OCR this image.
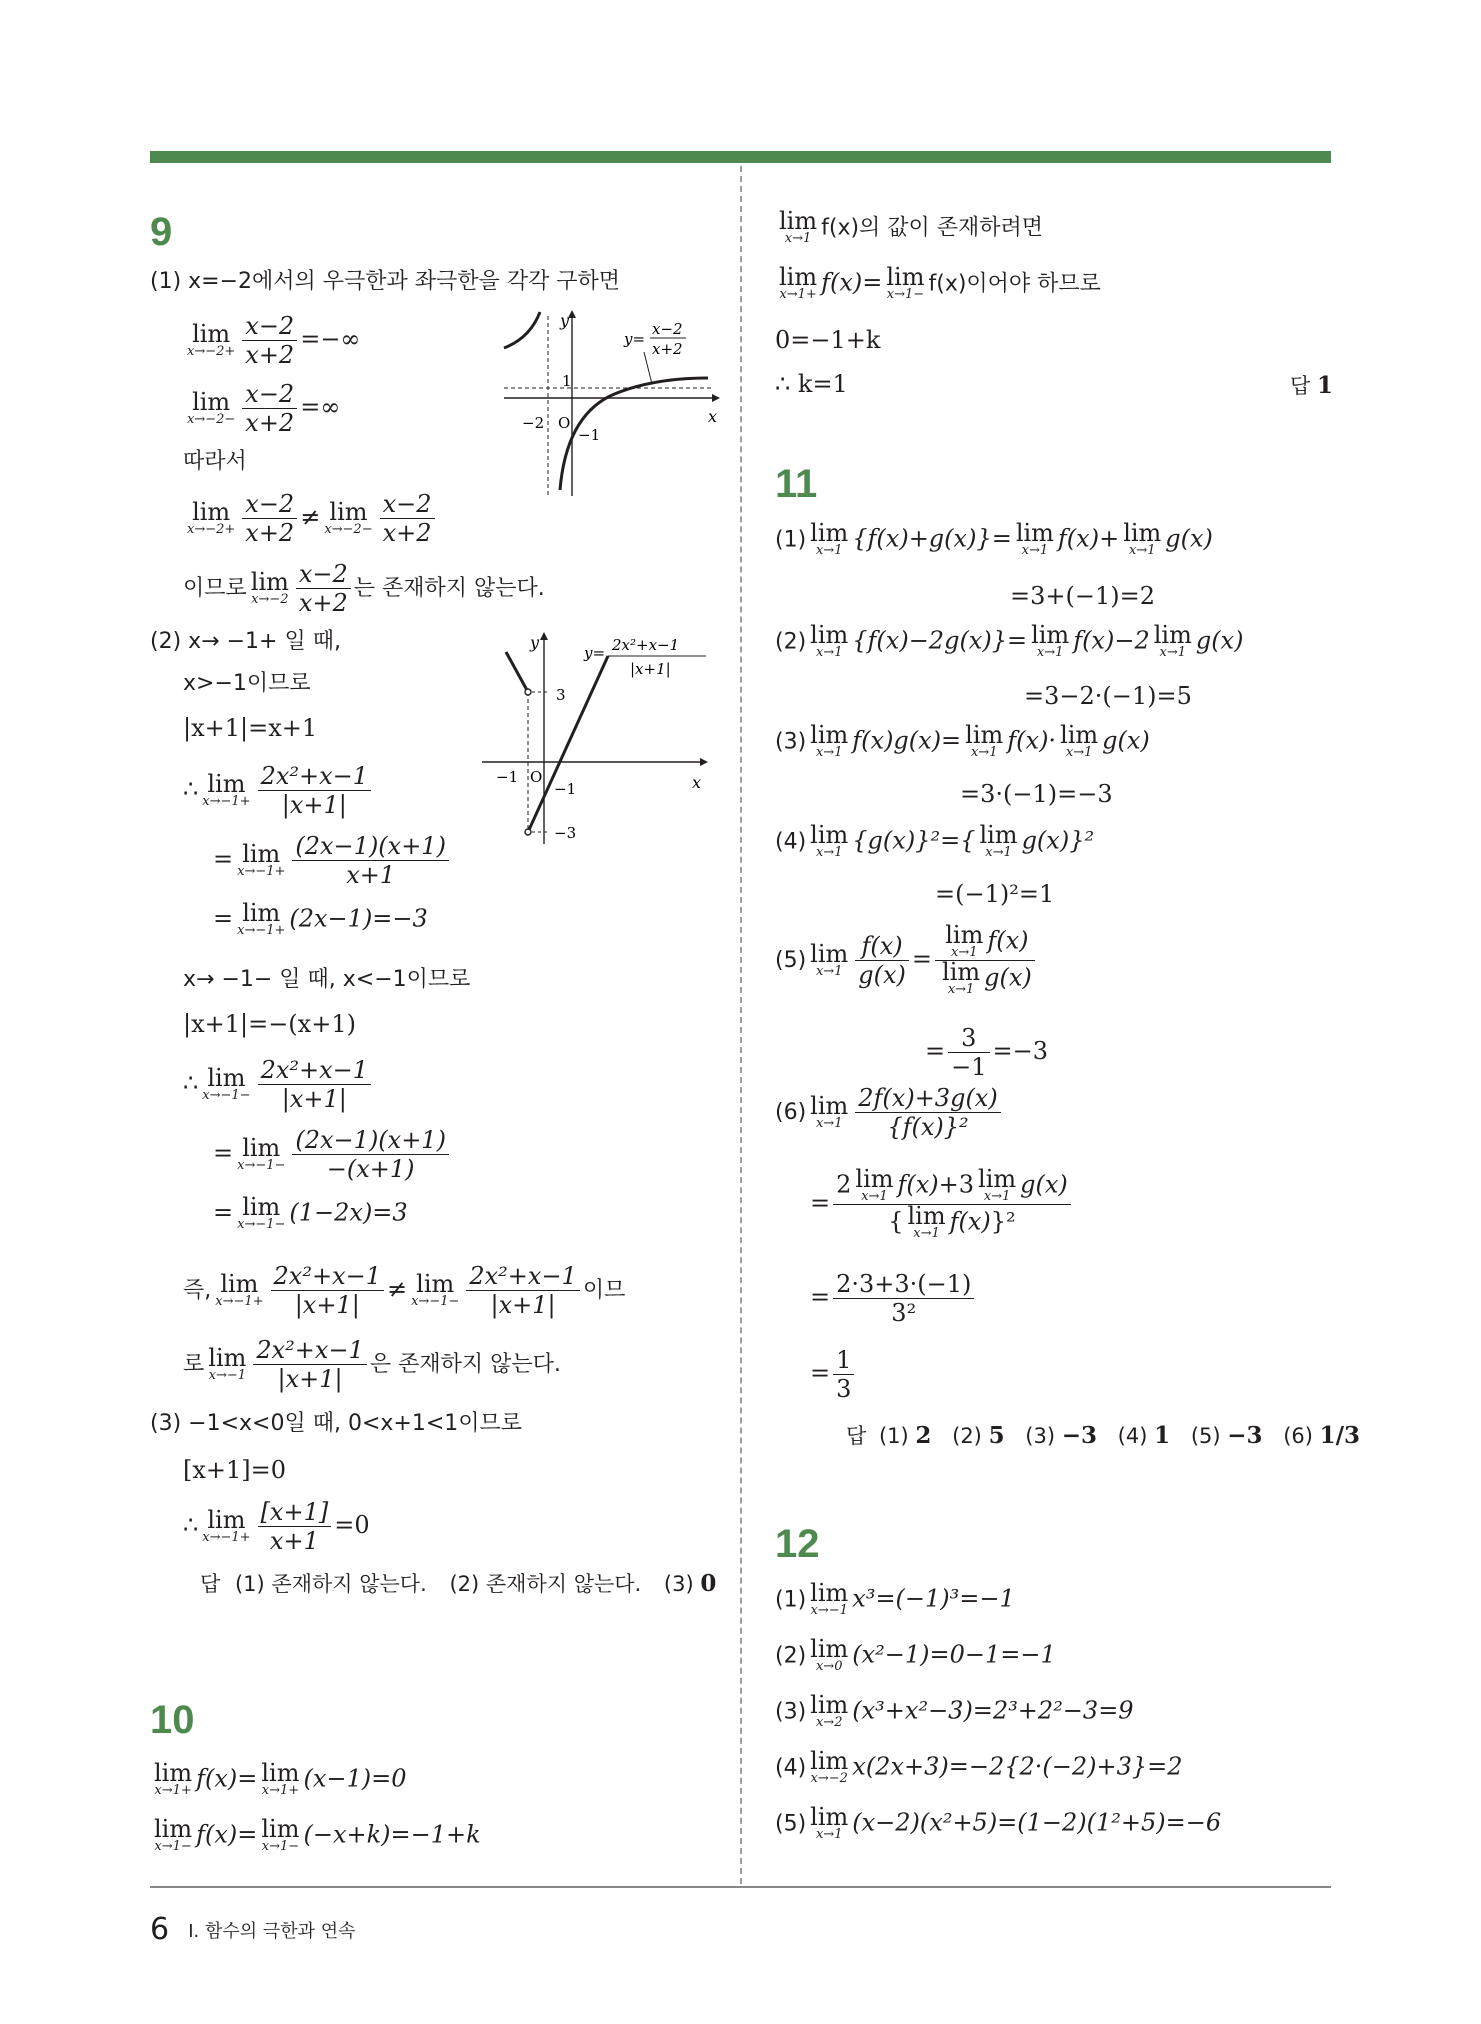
9
(1) x=−2에서의 우극한과 좌극한을 각각 구하면
lim
$x\to-2+ \frac{x-2}{x+2}$ =−∞
lim
$x\to-2- \frac{x-2}{x+2}$ =∞
따라서
lim
$x\to-2+ \frac{x-2}{x+2} \ne \lim$
$x\to-2- \frac{x-2}{x+2}$
이므로 lim
$x\to-2 \frac{x-2}{x+2}$ 는 존재하지 않는다.
y
x
1
−2 O
−1
y=
x−2
x+2
(2) x→ −1+ 일 때,
x>−1이므로
|x+1|=x+1
∴ lim
$x\to-1+ \frac{\text{2x²+x−1}}{|x+1|}$
= lim
$x\to-1+ \frac{(2x-1)(x+1)}{x+1}$
= lim
x→−1+ (2x−1)=−3
y
x
3
−1 O
−1
−3
y= 2x²+x−1
|x+1|
x→ −1− 일 때, x<−1이므로
|x+1|=−(x+1)
∴ lim
$x\to-1- \frac{\text{2x²+x−1}}{|x+1|}$
= lim
$x\to-1- \frac{(2x-1)(x+1)}{-(x+1)}$
= lim
x→−1− (1−2x)=3
즉, lim
$x\to-1+ \frac{\text{2x²+x−1}}{|x+1|} \ne \lim$
$x\to-1- \frac{\text{2x²+x−1}}{|x+1|}$ 이므
로 lim
$x\to-1 \frac{\text{2x²+x−1}}{|x+1|}$ 은 존재하지 않는다.
(3) −1<x<0일 때, 0<x+1<1이므로
[x+1]=0
∴ lim
$x\to-1+ \frac{[x+1]}{x+1} =0$
답 (1) 존재하지 않는다. (2) 존재하지 않는다. (3) 0
10
lim
x→1+ f(x)= lim
x→1+ (x−1)=0
lim
x→1− f(x)= lim
x→1− (−x+k)=−1+k
lim
x→1 f(x)의 값이 존재하려면
lim
x→1+ f(x)= lim
x→1− f(x)이어야 하므로
0=−1+k
∴ k=1	답 1
11
(1) lim
x→1 {f(x)+g(x)}= lim
x→1 f(x)+ lim
x→1 g(x)
=3+(−1)=2
(2) lim
x→1 {f(x)−2g(x)}= lim
x→1 f(x)−2 lim
x→1 g(x)
=3−2·(−1)=5
(3) lim
x→1 f(x)g(x)= lim
x→1 f(x)· lim
x→1 g(x)
=3·(−1)=−3
(4) lim
x→1 {g(x)}²={ lim
x→1 g(x)}²
=(−1)²=1
(5) lim
$x\to 1 \frac{f(x)}{g(x)} = \lim$
x→1 f(x)
lim
x→1 g(x)
= $\frac{3}{-1} =-3$
(6) lim
$x\to 1 \frac{2f(x)+3g(x)}{\text{\{f(x)\}²}}$
= 2 lim
x→1 f(x)+3 lim
x→1 g(x)
{ lim
x→1 f(x)}²
= $\frac{2\cdot 3+3\cdot(-1)}{\text{3²}}$
= $\frac{1}{3}$
답 (1) 2 (2) 5 (3) −3 (4) 1 (5) −3 (6) 1/3
12
(1) lim
x→−1 x³=(−1)³=−1
(2) lim
x→0 (x²−1)=0−1=−1
(3) lim
x→2 (x³+x²−3)=2³+2²−3=9
(4) lim
x→−2 x(2x+3)=−2{2·(−2)+3}=2
(5) lim
x→1 (x−2)(x²+5)=(1−2)(1²+5)=−6
6 Ⅰ. 함수의 극한과 연속
